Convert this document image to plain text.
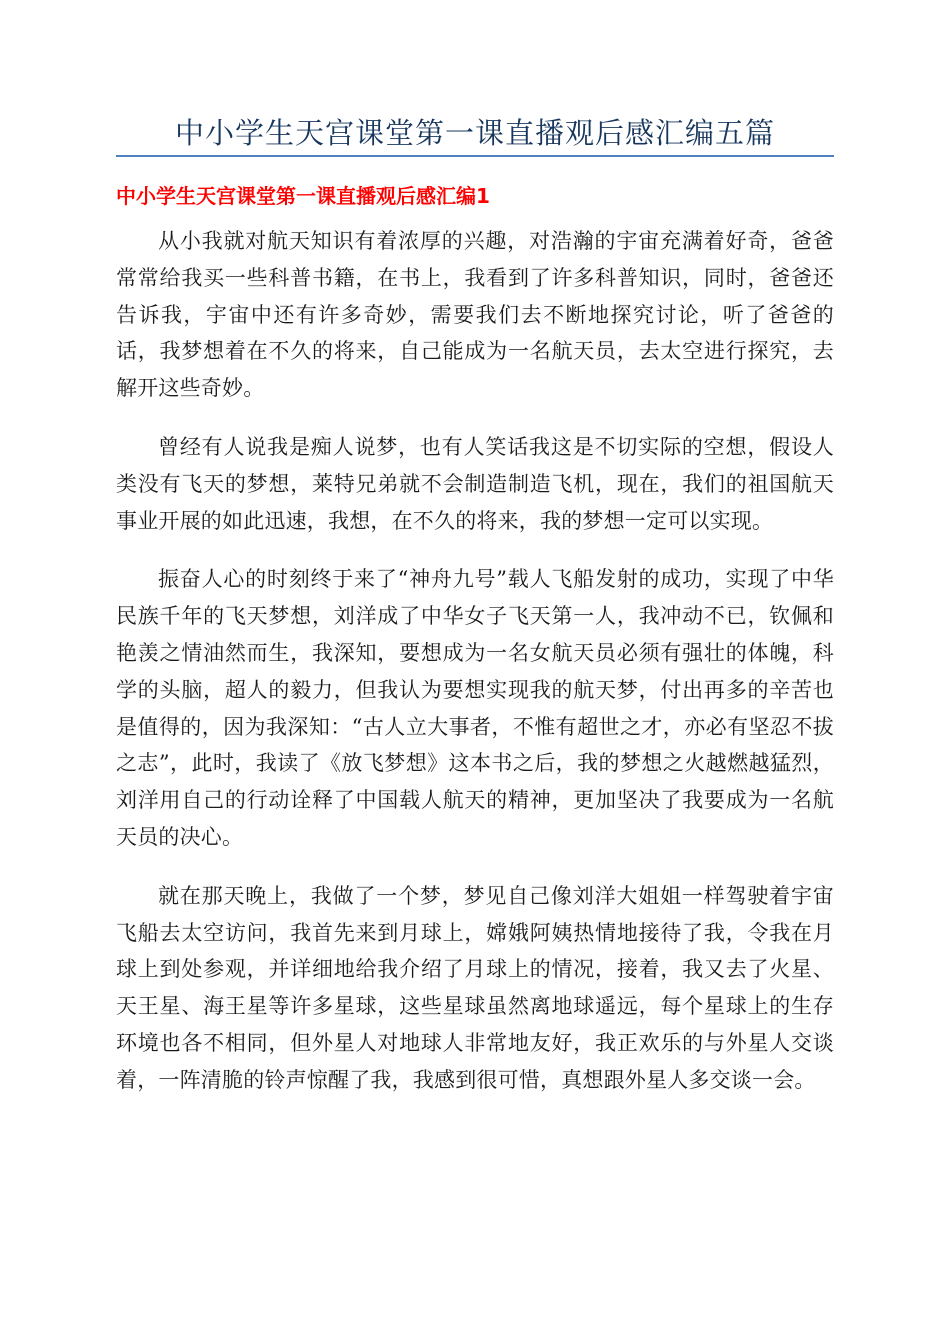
中小学生天宫课堂第一课直播观后感汇编五篇
中小学生天宫课堂第一课直播观后感汇编1

从小我就对航天知识有着浓厚的兴趣，对浩瀚的宇宙充满着好奇，爸爸常常给我买一些科普书籍，在书上，我看到了许多科普知识，同时，爸爸还告诉我，宇宙中还有许多奇妙，需要我们去不断地探究讨论，听了爸爸的话，我梦想着在不久的将来，自己能成为一名航天员，去太空进行探究，去解开这些奇妙。

曾经有人说我是痴人说梦，也有人笑话我这是不切实际的空想，假设人类没有飞天的梦想，莱特兄弟就不会制造制造飞机，现在，我们的祖国航天事业开展的如此迅速，我想，在不久的将来，我的梦想一定可以实现。

振奋人心的时刻终于来了“神舟九号”载人飞船发射的成功，实现了中华民族千年的飞天梦想，刘洋成了中华女子飞天第一人，我冲动不已，钦佩和艳羡之情油然而生，我深知，要想成为一名女航天员必须有强壮的体魄，科学的头脑，超人的毅力，但我认为要想实现我的航天梦，付出再多的辛苦也是值得的，因为我深知：“古人立大事者，不惟有超世之才，亦必有坚忍不拔之志”，此时，我读了《放飞梦想》这本书之后，我的梦想之火越燃越猛烈，刘洋用自己的行动诠释了中国载人航天的精神，更加坚决了我要成为一名航天员的决心。

就在那天晚上，我做了一个梦，梦见自己像刘洋大姐姐一样驾驶着宇宙飞船去太空访问，我首先来到月球上，嫦娥阿姨热情地接待了我，令我在月球上到处参观，并详细地给我介绍了月球上的情况，接着，我又去了火星、天王星、海王星等许多星球，这些星球虽然离地球遥远，每个星球上的生存环境也各不相同，但外星人对地球人非常地友好，我正欢乐的与外星人交谈着，一阵清脆的铃声惊醒了我，我感到很可惜，真想跟外星人多交谈一会。
